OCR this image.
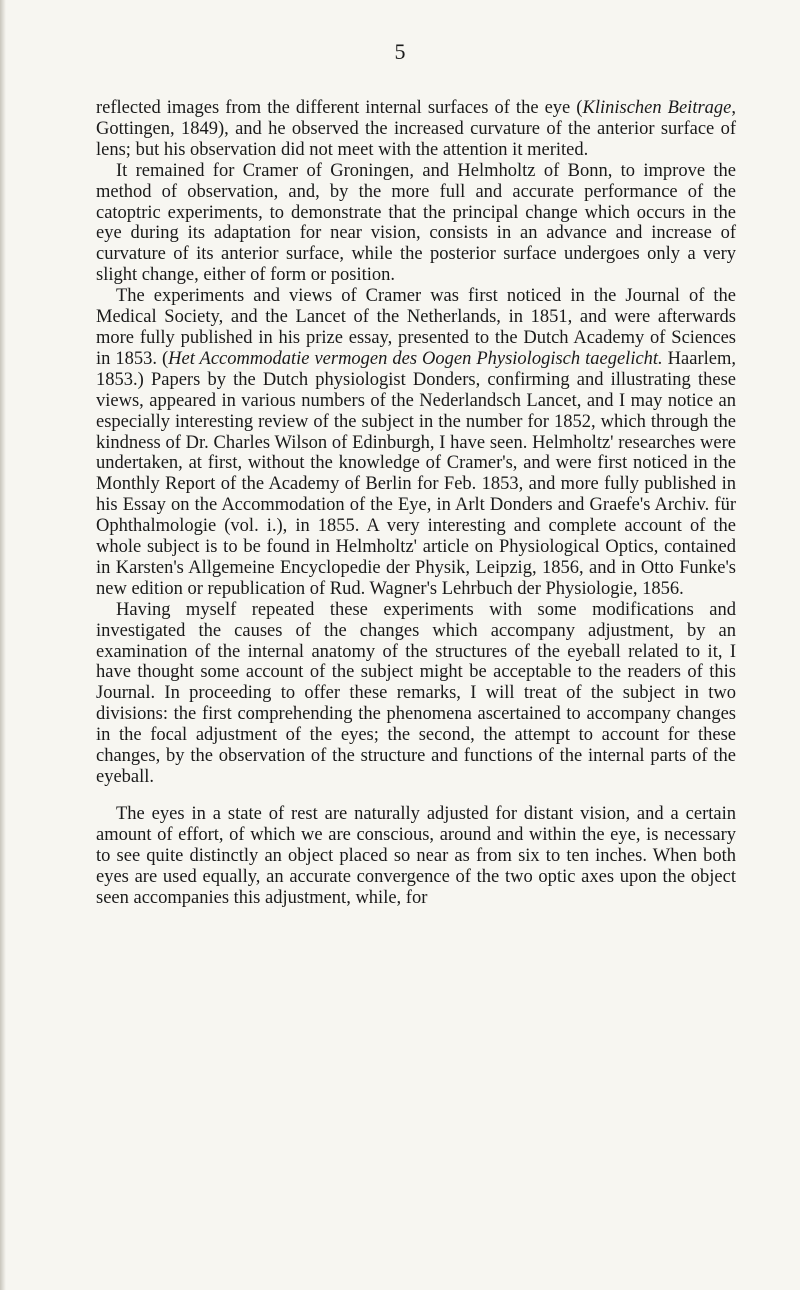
5

reflected images from the different internal surfaces of the eye (Klinischen Beitrage, Gottingen, 1849), and he observed the increased curvature of the anterior surface of lens; but his observation did not meet with the attention it merited.

It remained for Cramer of Groningen, and Helmholtz of Bonn, to improve the method of observation, and, by the more full and accurate performance of the catoptric experiments, to demonstrate that the principal change which occurs in the eye during its adaptation for near vision, consists in an advance and increase of curvature of its anterior surface, while the posterior surface undergoes only a very slight change, either of form or position.

The experiments and views of Cramer was first noticed in the Journal of the Medical Society, and the Lancet of the Netherlands, in 1851, and were afterwards more fully published in his prize essay, presented to the Dutch Academy of Sciences in 1853. (Het Accommodatie vermogen des Oogen Physiologisch taegelicht. Haarlem, 1853.) Papers by the Dutch physiologist Donders, confirming and illustrating these views, appeared in various numbers of the Nederlandsch Lancet, and I may notice an especially interesting review of the subject in the number for 1852, which through the kindness of Dr. Charles Wilson of Edinburgh, I have seen. Helmholtz' researches were undertaken, at first, without the knowledge of Cramer's, and were first noticed in the Monthly Report of the Academy of Berlin for Feb. 1853, and more fully published in his Essay on the Accommodation of the Eye, in Arlt Donders and Graefe's Archiv. für Ophthalmologie (vol. i.), in 1855. A very interesting and complete account of the whole subject is to be found in Helmholtz' article on Physiological Optics, contained in Karsten's Allgemeine Encyclopedie der Physik, Leipzig, 1856, and in Otto Funke's new edition or republication of Rud. Wagner's Lehrbuch der Physiologie, 1856.

Having myself repeated these experiments with some modifications and investigated the causes of the changes which accompany adjustment, by an examination of the internal anatomy of the structures of the eyeball related to it, I have thought some account of the subject might be acceptable to the readers of this Journal. In proceeding to offer these remarks, I will treat of the subject in two divisions: the first comprehending the phenomena ascertained to accompany changes in the focal adjustment of the eyes; the second, the attempt to account for these changes, by the observation of the structure and functions of the internal parts of the eyeball.

The eyes in a state of rest are naturally adjusted for distant vision, and a certain amount of effort, of which we are conscious, around and within the eye, is necessary to see quite distinctly an object placed so near as from six to ten inches. When both eyes are used equally, an accurate convergence of the two optic axes upon the object seen accompanies this adjustment, while, for
